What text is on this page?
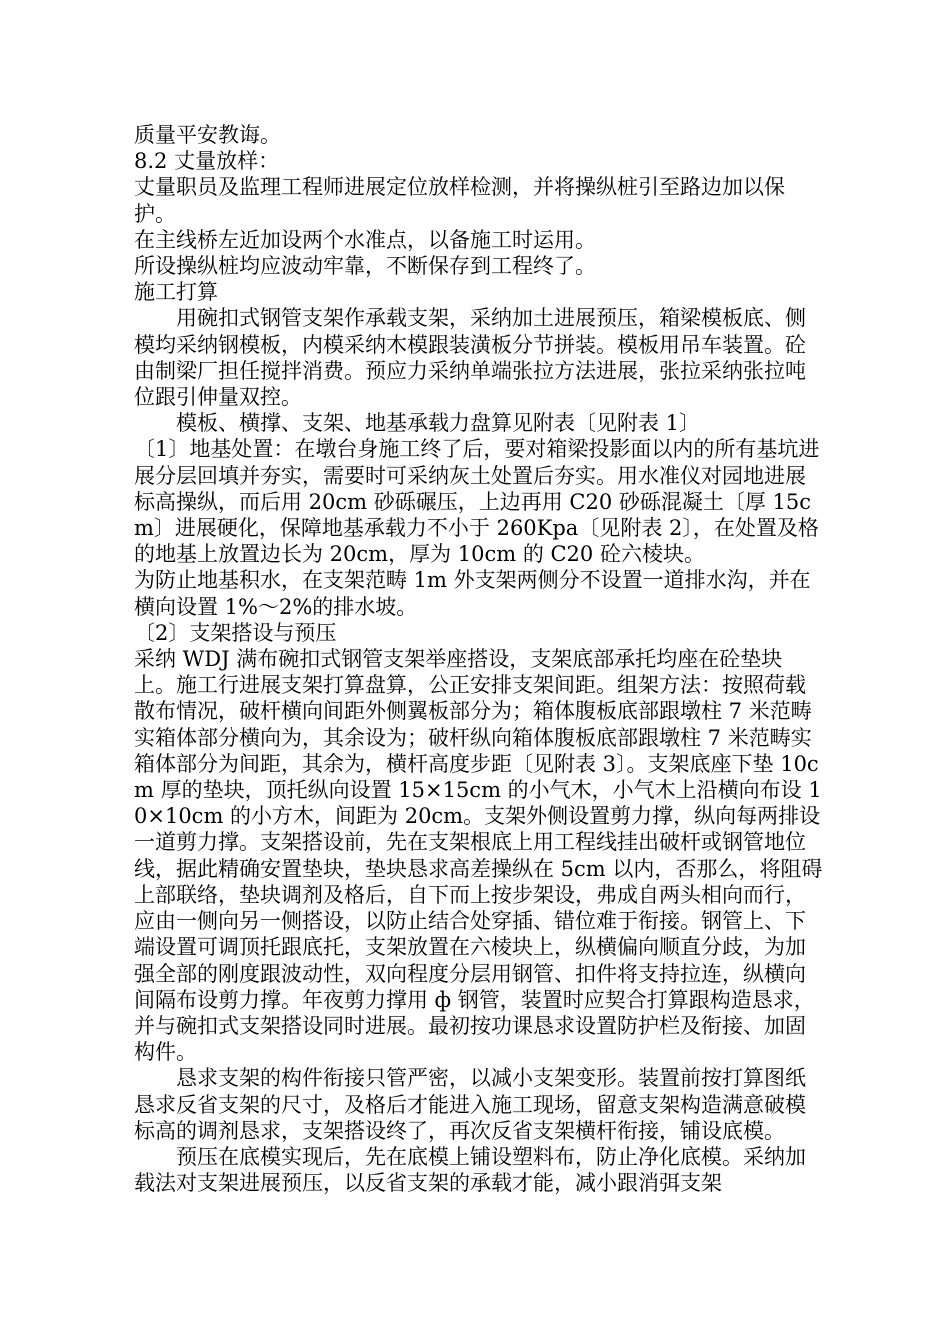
质量平安教诲。

8.2 丈量放样：

丈量职员及监理工程师进展定位放样检测，并将操纵桩引至路边加以保护。

在主线桥左近加设两个水准点，以备施工时运用。

所设操纵桩均应波动牢靠，不断保存到工程终了。

施工打算

用碗扣式钢管支架作承载支架，采纳加土进展预压，箱梁模板底、侧模均采纳钢模板，内模采纳木模跟装潢板分节拼装。模板用吊车装置。砼由制梁厂担任搅拌消费。预应力采纳单端张拉方法进展，张拉采纳张拉吨位跟引伸量双控。

模板、横撑、支架、地基承载力盘算见附表〔见附表 1〕

〔1〕地基处置：在墩台身施工终了后，要对箱梁投影面以内的所有基坑进展分层回填并夯实，需要时可采纳灰土处置后夯实。用水准仪对园地进展标高操纵，而后用 20cm 砂砾碾压，上边再用 C20 砂砾混凝土〔厚 15cm〕进展硬化，保障地基承载力不小于 260Kpa〔见附表 2〕，在处置及格的地基上放置边长为 20cm，厚为 10cm 的 C20 砼六棱块。

为防止地基积水，在支架范畴 1m 外支架两侧分不设置一道排水沟，并在横向设置 1%～2%的排水坡。

〔2〕支架搭设与预压

采纳 WDJ 满布碗扣式钢管支架举座搭设，支架底部承托均座在砼垫块上。施工行进展支架打算盘算，公正安排支架间距。组架方法：按照荷载散布情况，破杆横向间距外侧翼板部分为；箱体腹板底部跟墩柱 7 米范畴实箱体部分横向为，其余设为；破杆纵向箱体腹板底部跟墩柱 7 米范畴实箱体部分为间距，其余为，横杆高度步距〔见附表 3〕。支架底座下垫 10cm 厚的垫块，顶托纵向设置 15×15cm 的小气木，小气木上沿横向布设 10×10cm 的小方木，间距为 20cm。支架外侧设置剪力撑，纵向每两排设一道剪力撑。支架搭设前，先在支架根底上用工程线挂出破杆或钢管地位线，据此精确安置垫块，垫块恳求高差操纵在 5cm 以内，否那么，将阻碍上部联络，垫块调剂及格后，自下而上按步架设，弗成自两头相向而行，应由一侧向另一侧搭设，以防止结合处穿插、错位难于衔接。钢管上、下端设置可调顶托跟底托，支架放置在六棱块上，纵横偏向顺直分歧，为加强全部的刚度跟波动性，双向程度分层用钢管、扣件将支持拉连，纵横向间隔布设剪力撑。年夜剪力撑用 ф 钢管，装置时应契合打算跟构造恳求，并与碗扣式支架搭设同时进展。最初按功课恳求设置防护栏及衔接、加固构件。

恳求支架的构件衔接只管严密，以减小支架变形。装置前按打算图纸恳求反省支架的尺寸，及格后才能进入施工现场，留意支架构造满意破模标高的调剂恳求，支架搭设终了，再次反省支架横杆衔接，铺设底模。

预压在底模实现后，先在底模上铺设塑料布，防止净化底模。采纳加载法对支架进展预压，以反省支架的承载才能，减小跟消弭支架
